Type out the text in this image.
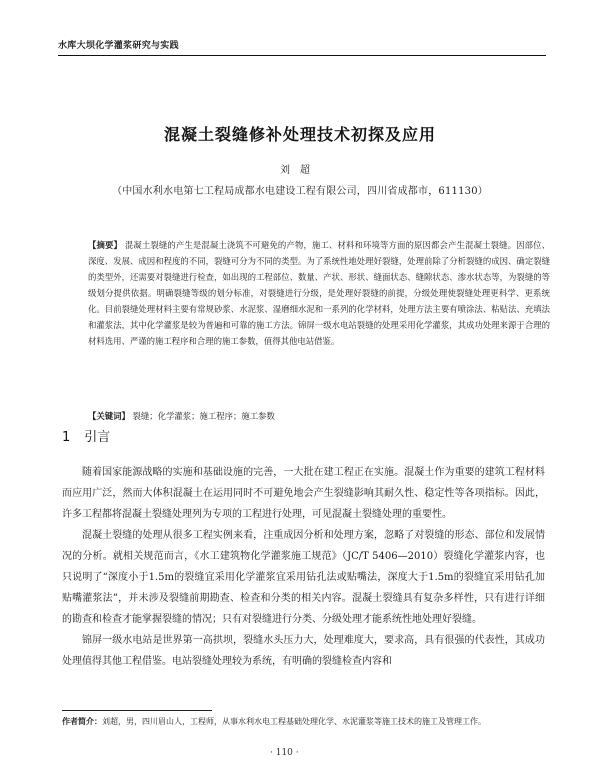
水库大坝化学灌浆研究与实践
混凝土裂缝修补处理技术初探及应用
刘超
（中国水利水电第七工程局成都水电建设工程有限公司，四川省成都市，611130）

【摘要】 混凝土裂缝的产生是混凝土浇筑不可避免的产物，施工、材料和环境等方面的原因都会产生混凝土裂缝。因部位、深度、发展、成因和程度的不同，裂缝可分为不同的类型。为了系统性地处理好裂缝，处理前除了分析裂缝的成因、确定裂缝的类型外，还需要对裂缝进行检查，如出现的工程部位、数量、产状、形状、缝面状态、缝隙状态、渗水状态等，为裂缝的等级划分提供依据。明确裂缝等级的划分标准，对裂缝进行分级，是处理好裂缝的前提，分级处理使裂缝处理更科学、更系统化。目前裂缝处理材料主要有常规砂浆、水泥浆、湿磨细水泥和一系列的化学材料，处理方法主要有喷涂法、粘贴法、充填法和灌浆法，其中化学灌浆是较为普遍和可靠的施工方法。锦屏一级水电站裂缝的处理采用化学灌浆，其成功处理来源于合理的材料选用、严谨的施工程序和合理的施工参数，值得其他电站借鉴。

【关键词】 裂缝；化学灌浆；施工程序；施工参数
1 引言

随着国家能源战略的实施和基础设施的完善，一大批在建工程正在实施。混凝土作为重要的建筑工程材料而应用广泛，然而大体积混凝土在运用同时不可避免地会产生裂缝影响其耐久性、稳定性等各项指标。因此，许多工程都将混凝土裂缝处理列为专项的工程进行处理，可见混凝土裂缝处理的重要性。

混凝土裂缝的处理从很多工程实例来看，注重成因分析和处理方案，忽略了对裂缝的形态、部位和发展情况的分析。就相关规范而言，《水工建筑物化学灌浆施工规范》（JC/T 5406—2010）裂缝化学灌浆内容，也只说明了“深度小于1.5m的裂缝宜采用化学灌浆宜采用钻孔法或贴嘴法，深度大于1.5m的裂缝宜采用钻孔加贴嘴灌浆法”，并未涉及裂缝前期勘查、检查和分类的相关内容。混凝土裂缝具有复杂多样性，只有进行详细的勘查和检查才能掌握裂缝的情况；只有对裂缝进行分类、分级处理才能系统性地处理好裂缝。

锦屏一级水电站是世界第一高拱坝，裂缝水头压力大，处理难度大，要求高，具有很强的代表性，其成功处理值得其他工程借鉴。电站裂缝处理较为系统，有明确的裂缝检查内容和

作者简介：刘超，男，四川眉山人，工程师，从事水利水电工程基础处理化学、水泥灌浆等施工技术的施工及管理工作。
· 110 ·
